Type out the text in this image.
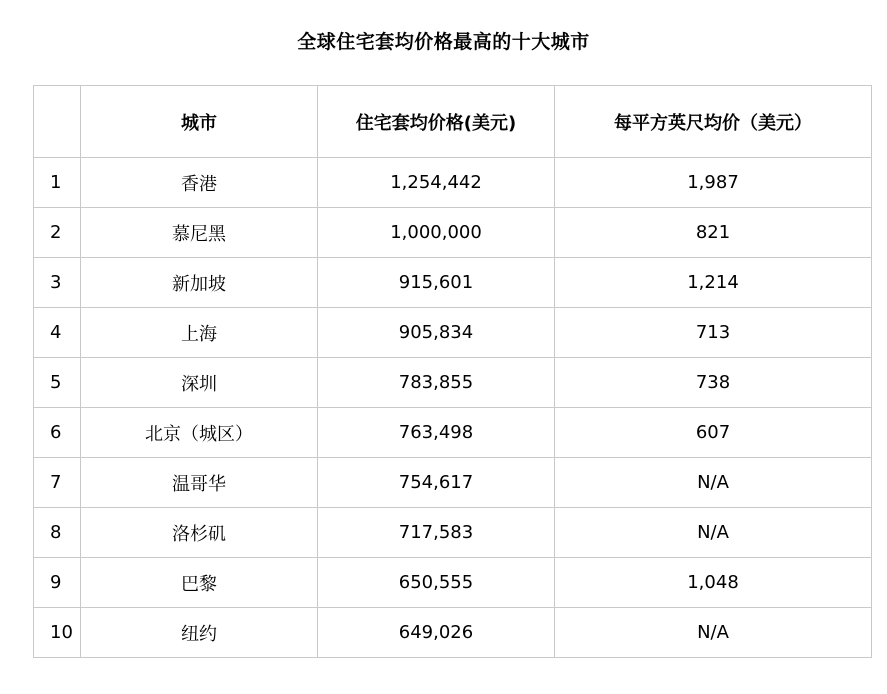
全球住宅套均价格最高的十大城市
	城市	住宅套均价格(美元)	每平方英尺均价（美元）
1	香港	1,254,442	1,987
2	慕尼黑	1,000,000	821
3	新加坡	915,601	1,214
4	上海	905,834	713
5	深圳	783,855	738
6	北京（城区）	763,498	607
7	温哥华	754,617	N/A
8	洛杉矶	717,583	N/A
9	巴黎	650,555	1,048
10	纽约	649,026	N/A
